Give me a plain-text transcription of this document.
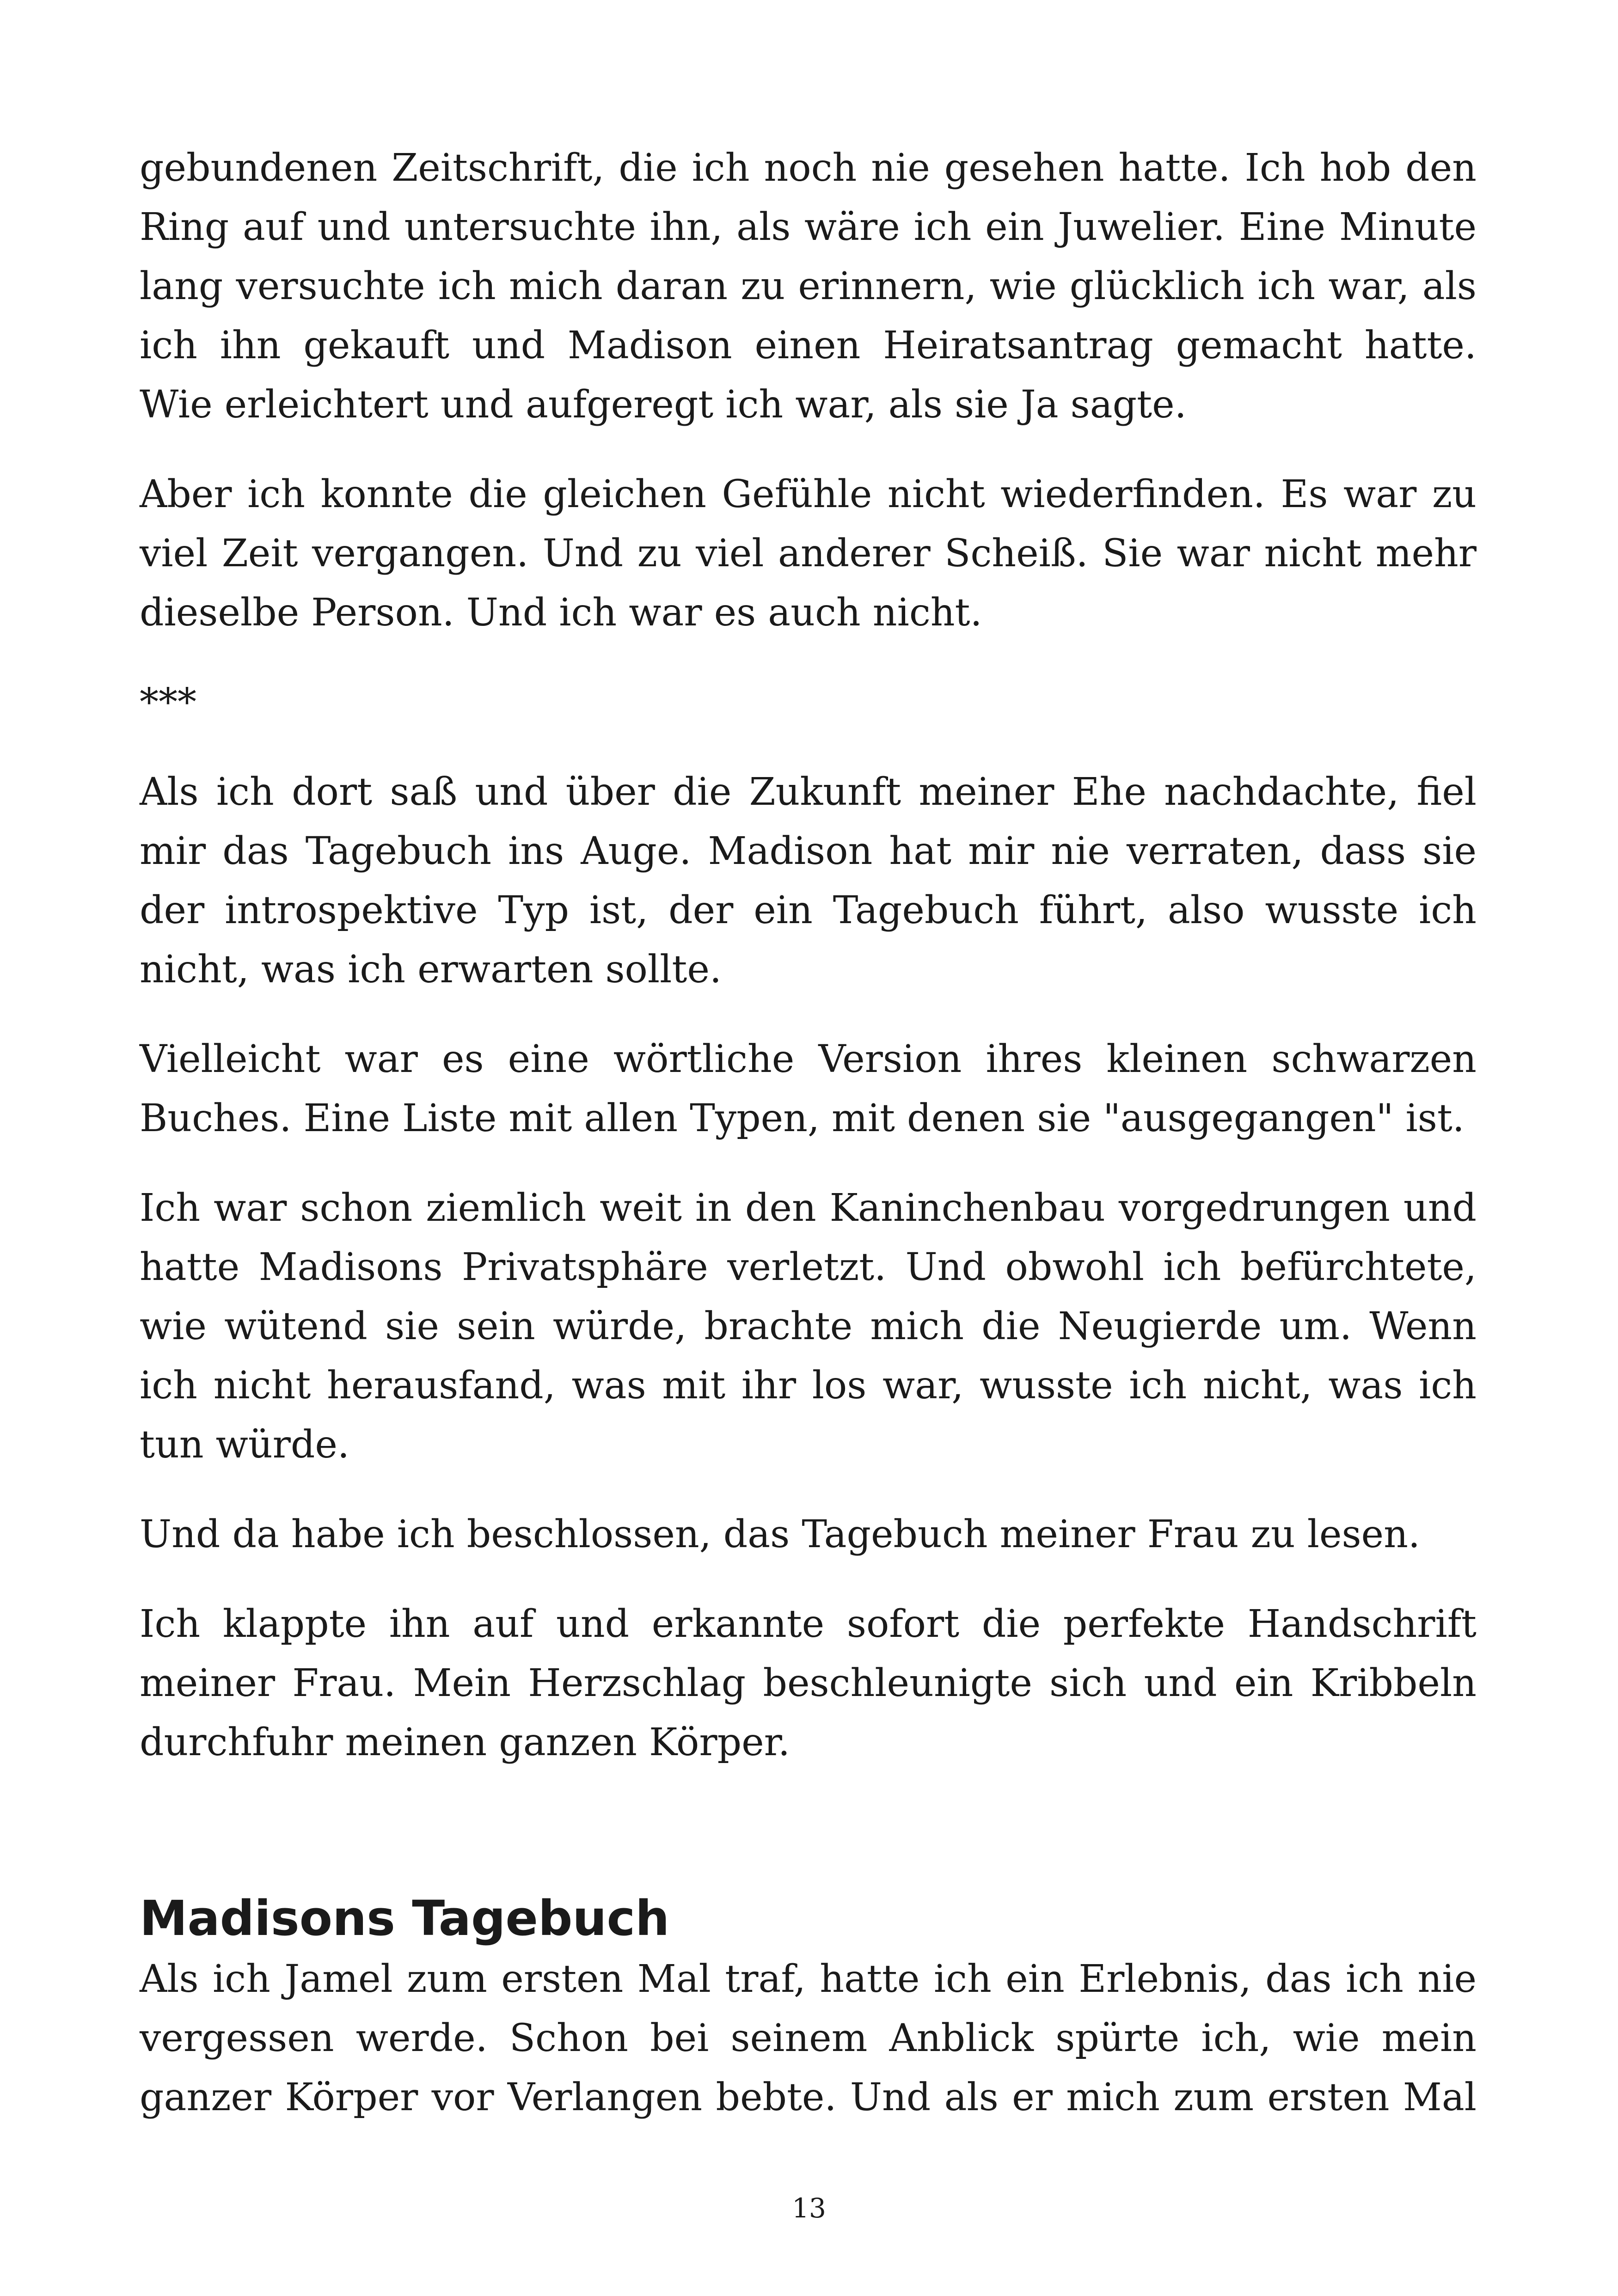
gebundenen Zeitschrift, die ich noch nie gesehen hatte. Ich hob den Ring auf und untersuchte ihn, als wäre ich ein Juwelier. Eine Minute lang versuchte ich mich daran zu erinnern, wie glücklich ich war, als ich ihn gekauft und Madison einen Heiratsantrag gemacht hatte. Wie erleichtert und aufgeregt ich war, als sie Ja sagte.

Aber ich konnte die gleichen Gefühle nicht wiederfinden. Es war zu viel Zeit vergangen. Und zu viel anderer Scheiß. Sie war nicht mehr dieselbe Person. Und ich war es auch nicht.

***

Als ich dort saß und über die Zukunft meiner Ehe nachdachte, fiel mir das Tagebuch ins Auge. Madison hat mir nie verraten, dass sie der introspektive Typ ist, der ein Tagebuch führt, also wusste ich nicht, was ich erwarten sollte.

Vielleicht war es eine wörtliche Version ihres kleinen schwarzen Buches. Eine Liste mit allen Typen, mit denen sie "ausgegangen" ist.

Ich war schon ziemlich weit in den Kaninchenbau vorgedrungen und hatte Madisons Privatsphäre verletzt. Und obwohl ich befürchtete, wie wütend sie sein würde, brachte mich die Neugierde um. Wenn ich nicht herausfand, was mit ihr los war, wusste ich nicht, was ich tun würde.

Und da habe ich beschlossen, das Tagebuch meiner Frau zu lesen.

Ich klappte ihn auf und erkannte sofort die perfekte Handschrift meiner Frau. Mein Herzschlag beschleunigte sich und ein Kribbeln durchfuhr meinen ganzen Körper.

Madisons Tagebuch

Als ich Jamel zum ersten Mal traf, hatte ich ein Erlebnis, das ich nie vergessen werde. Schon bei seinem Anblick spürte ich, wie mein ganzer Körper vor Verlangen bebte. Und als er mich zum ersten Mal

13
